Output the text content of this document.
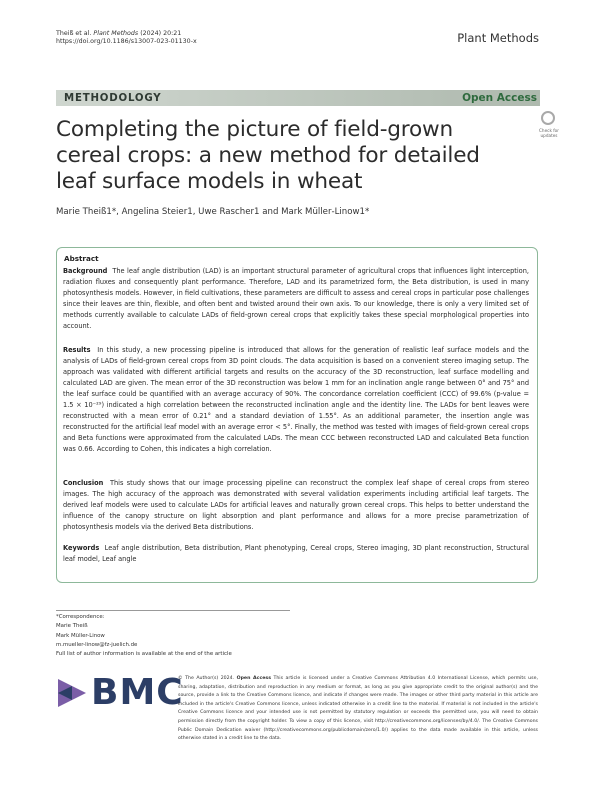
Theiß et al. Plant Methods (2024) 20:21
https://doi.org/10.1186/s13007-023-01130-x	Plant Methods
METHODOLOGY	Open Access
Completing the picture of field-grown cereal crops: a new method for detailed leaf surface models in wheat
Check for updates
Marie Theiß1*, Angelina Steier1, Uwe Rascher1 and Mark Müller‑Linow1*
Abstract

Background The leaf angle distribution (LAD) is an important structural parameter of agricultural crops that influences light interception, radiation fluxes and consequently plant performance. Therefore, LAD and its parametrized form, the Beta distribution, is used in many photosynthesis models. However, in field cultivations, these parameters are difficult to assess and cereal crops in particular pose challenges since their leaves are thin, flexible, and often bent and twisted around their own axis. To our knowledge, there is only a very limited set of methods currently available to calculate LADs of field-grown cereal crops that explicitly takes these special morphological properties into account.

Results In this study, a new processing pipeline is introduced that allows for the generation of realistic leaf surface models and the analysis of LADs of field-grown cereal crops from 3D point clouds. The data acquisition is based on a convenient stereo imaging setup. The approach was validated with different artificial targets and results on the accuracy of the 3D reconstruction, leaf surface modelling and calculated LAD are given. The mean error of the 3D reconstruction was below 1 mm for an inclination angle range between 0° and 75° and the leaf surface could be quantified with an average accuracy of 90%. The concordance correlation coefficient (CCC) of 99.6% (p-value = 1.5 × 10⁻²⁹) indicated a high correlation between the reconstructed inclination angle and the identity line. The LADs for bent leaves were reconstructed with a mean error of 0.21° and a standard deviation of 1.55°. As an additional parameter, the insertion angle was reconstructed for the artificial leaf model with an average error < 5°. Finally, the method was tested with images of field-grown cereal crops and Beta functions were approximated from the calculated LADs. The mean CCC between reconstructed LAD and calculated Beta function was 0.66. According to Cohen, this indicates a high correlation.

Conclusion This study shows that our image processing pipeline can reconstruct the complex leaf shape of cereal crops from stereo images. The high accuracy of the approach was demonstrated with several validation experiments including artificial leaf targets. The derived leaf models were used to calculate LADs for artificial leaves and naturally grown cereal crops. This helps to better understand the influence of the canopy structure on light absorption and plant performance and allows for a more precise parametrization of photosynthesis models via the derived Beta distributions.

Keywords Leaf angle distribution, Beta distribution, Plant phenotyping, Cereal crops, Stereo imaging, 3D plant reconstruction, Structural leaf model, Leaf angle

*Correspondence:
Marie Theiß
Mark Müller-Linow
m.mueller-linow@fz-juelich.de
Full list of author information is available at the end of the article
BMC
© The Author(s) 2024. Open Access This article is licensed under a Creative Commons Attribution 4.0 International License, which permits use, sharing, adaptation, distribution and reproduction in any medium or format, as long as you give appropriate credit to the original author(s) and the source, provide a link to the Creative Commons licence, and indicate if changes were made. The images or other third party material in this article are included in the article's Creative Commons licence, unless indicated otherwise in a credit line to the material. If material is not included in the article's Creative Commons licence and your intended use is not permitted by statutory regulation or exceeds the permitted use, you will need to obtain permission directly from the copyright holder. To view a copy of this licence, visit http://creativecommons.org/licenses/by/4.0/. The Creative Commons Public Domain Dedication waiver (http://creativecommons.org/publicdomain/zero/1.0/) applies to the data made available in this article, unless otherwise stated in a credit line to the data.
